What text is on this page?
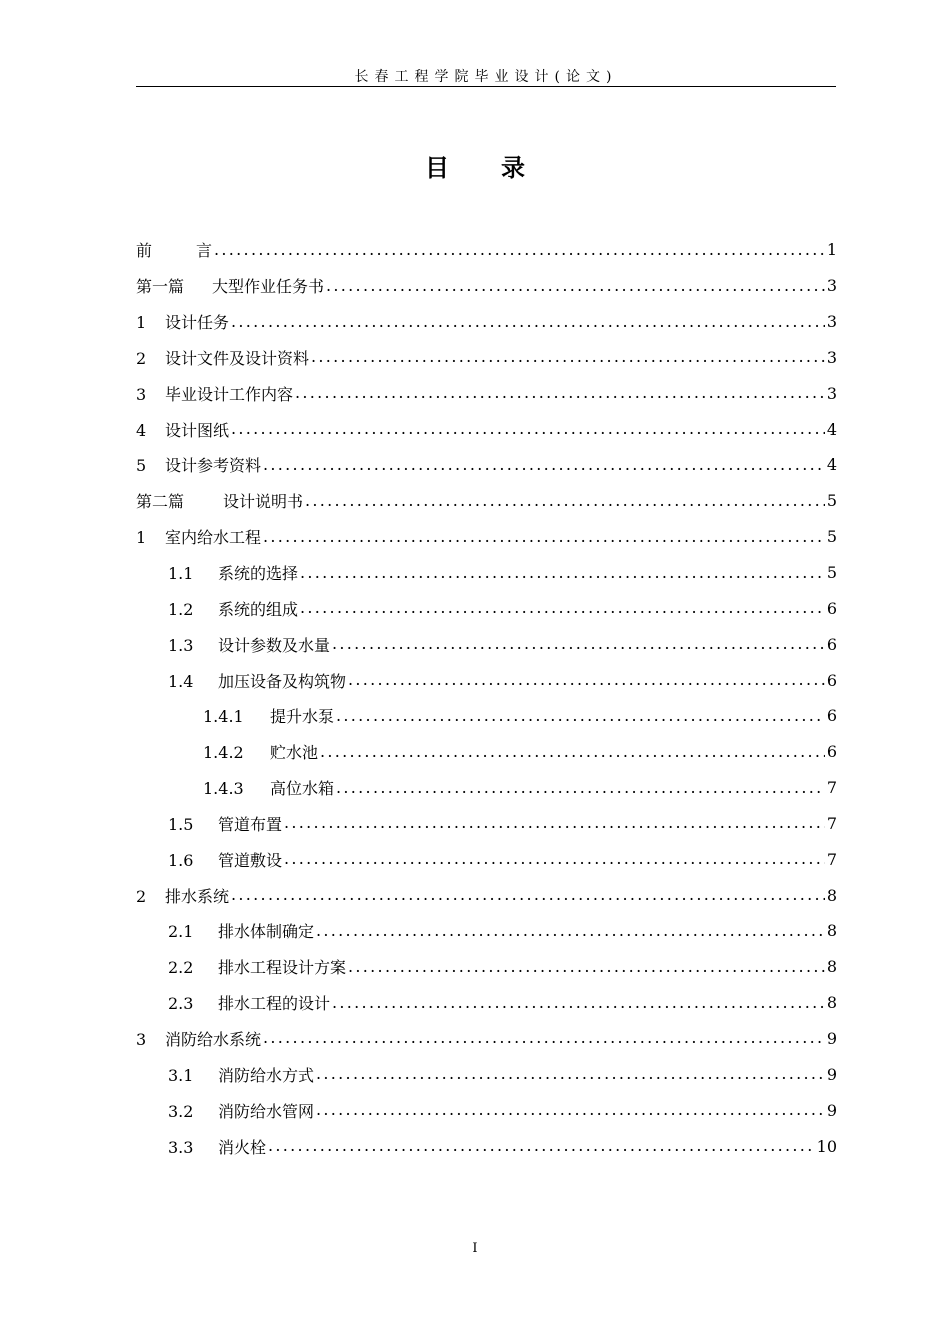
长春工程学院毕业设计(论文)
目录
前	言 .....	1
第一篇 大型作业任务书 .....	3
1 设计任务 .....	3
2 设计文件及设计资料 .....	3
3 毕业设计工作内容 .....	3
4 设计图纸 .....	4
5 设计参考资料 .....	4
第二篇 设计说明书 .....	5
1 室内给水工程 .....	5
1.1 系统的选择 .....	5
1.2 系统的组成 .....	6
1.3 设计参数及水量 .....	6
1.4 加压设备及构筑物 .....	6
1.4.1 提升水泵 .....	6
1.4.2 贮水池 .....	6
1.4.3 高位水箱 .....	7
1.5 管道布置 .....	7
1.6 管道敷设 .....	7
2 排水系统 .....	8
2.1 排水体制确定 .....	8
2.2 排水工程设计方案 .....	8
2.3 排水工程的设计 .....	8
3 消防给水系统 .....	9
3.1 消防给水方式 .....	9
3.2 消防给水管网 .....	9
3.3 消火栓 .....	10
I
